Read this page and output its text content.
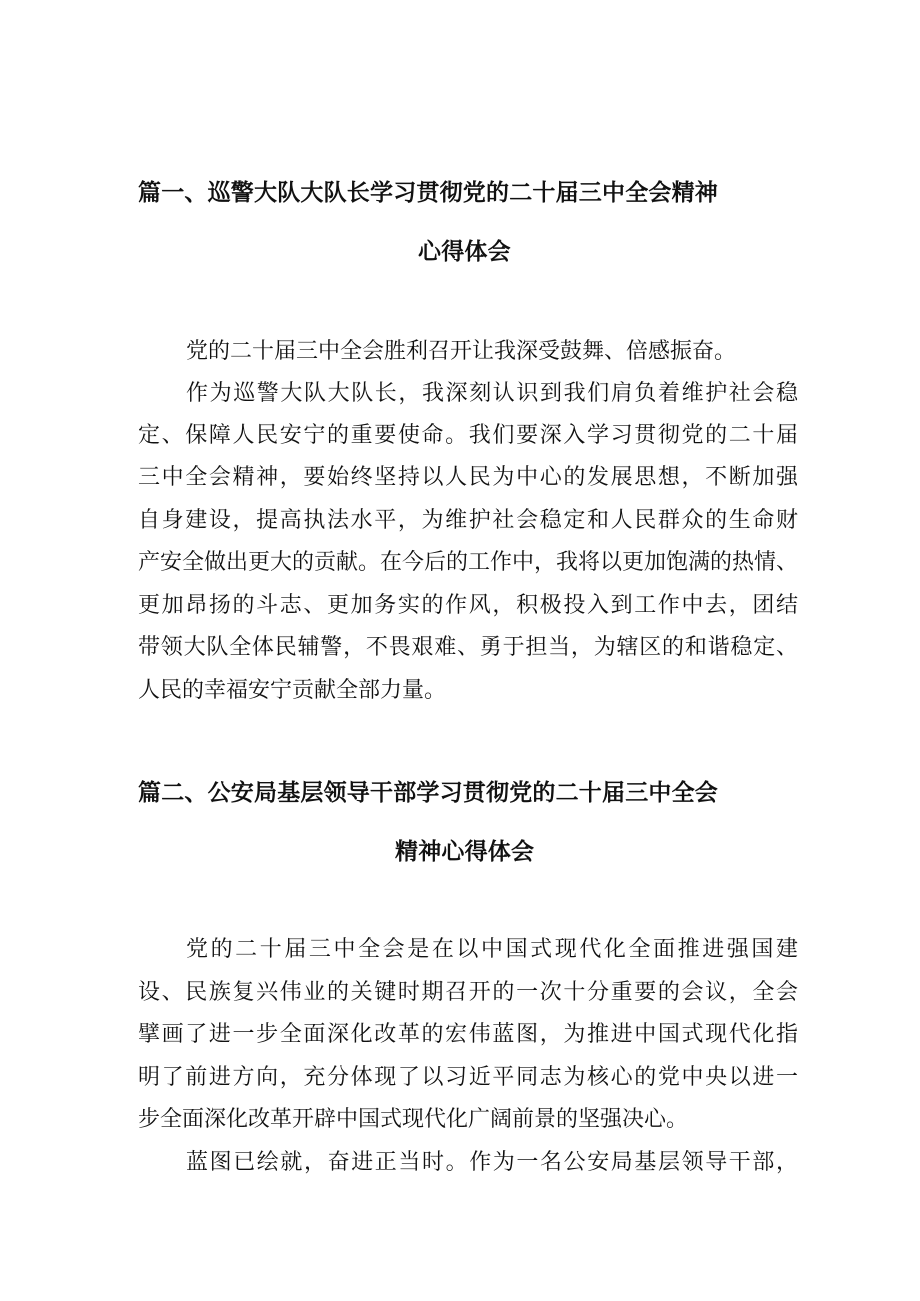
篇一、巡警大队大队长学习贯彻党的二十届三中全会精神
心得体会
党的二十届三中全会胜利召开让我深受鼓舞、倍感振奋。
作为巡警大队大队长，我深刻认识到我们肩负着维护社会稳
定、保障人民安宁的重要使命。我们要深入学习贯彻党的二十届
三中全会精神，要始终坚持以人民为中心的发展思想，不断加强
自身建设，提高执法水平，为维护社会稳定和人民群众的生命财
产安全做出更大的贡献。在今后的工作中，我将以更加饱满的热情、
更加昂扬的斗志、更加务实的作风，积极投入到工作中去，团结
带领大队全体民辅警，不畏艰难、勇于担当，为辖区的和谐稳定、
人民的幸福安宁贡献全部力量。
篇二、公安局基层领导干部学习贯彻党的二十届三中全会
精神心得体会
党的二十届三中全会是在以中国式现代化全面推进强国建
设、民族复兴伟业的关键时期召开的一次十分重要的会议，全会
擘画了进一步全面深化改革的宏伟蓝图，为推进中国式现代化指
明了前进方向，充分体现了以习近平同志为核心的党中央以进一
步全面深化改革开辟中国式现代化广阔前景的坚强决心。
蓝图已绘就，奋进正当时。作为一名公安局基层领导干部，
